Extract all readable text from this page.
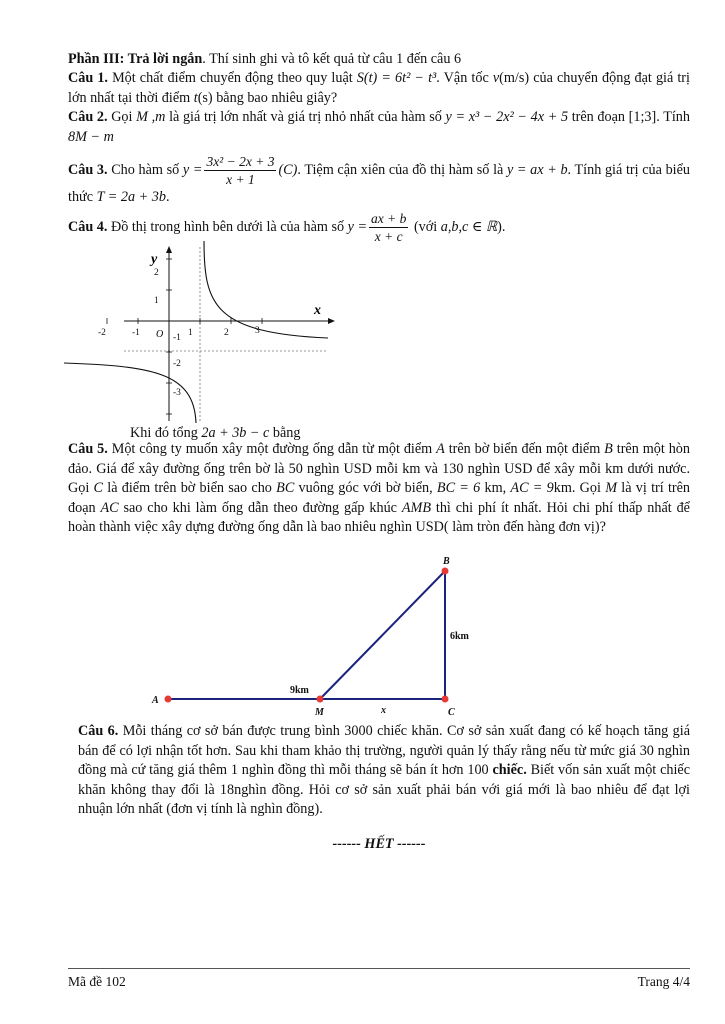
Phần III: Trả lời ngắn. Thí sinh ghi và tô kết quả từ câu 1 đến câu 6

Câu 1. Một chất điểm chuyển động theo quy luật S(t) = 6t² − t³. Vận tốc v(m/s) của chuyển động đạt giá trị lớn nhất tại thời điểm t(s) bằng bao nhiêu giây?

Câu 2. Gọi M ,m là giá trị lớn nhất và giá trị nhỏ nhất của hàm số y = x³ − 2x² − 4x + 5 trên đoạn [1;3]. Tính 8M − m

Câu 3. Cho hàm số $y = \frac{\text{3x² − 2x + 3}}{x + 1} (C)$. Tiệm cận xiên của đồ thị hàm số là y = ax + b. Tính giá trị của biểu thức T = 2a + 3b.

Câu 4. Đồ thị trong hình bên dưới là của hàm số $y = \frac{ax + b}{x + c}$ (với a,b,c ∈ ℝ).

-2	-1	1	2	3
2
1
-1
-2
-3
O
y
x

Khi đó tổng 2a + 3b − c bằng

Câu 5. Một công ty muốn xây một đường ống dẫn từ một điểm A trên bờ biển đến một điểm B trên một hòn đảo. Giá để xây đường ống trên bờ là 50 nghìn USD mỗi km và 130 nghìn USD để xây mỗi km dưới nước. Gọi C là điểm trên bờ biển sao cho BC vuông góc với bờ biển, BC = 6 km, AC = 9km. Gọi M là vị trí trên đoạn AC sao cho khi làm ống dẫn theo đường gấp khúc AMB thì chi phí ít nhất. Hỏi chi phí thấp nhất để hoàn thành việc xây dựng đường ống dẫn là bao nhiêu nghìn USD( làm tròn đến hàng đơn vị)?

A
B
C
M	x
9km
6km

Câu 6. Mỗi tháng cơ sở bán được trung bình 3000 chiếc khăn. Cơ sở sản xuất đang có kế hoạch tăng giá bán để có lợi nhận tốt hơn. Sau khi tham khảo thị trường, người quản lý thấy rằng nếu từ mức giá 30 nghìn đồng mà cứ tăng giá thêm 1 nghìn đồng thì mỗi tháng sẽ bán ít hơn 100 chiếc. Biết vốn sản xuất một chiếc khăn không thay đổi là 18nghìn đồng. Hỏi cơ sở sản xuất phải bán với giá mới là bao nhiêu để đạt lợi nhuận lớn nhất (đơn vị tính là nghìn đồng).

------ HẾT ------
Mã đề 102	Trang 4/4
